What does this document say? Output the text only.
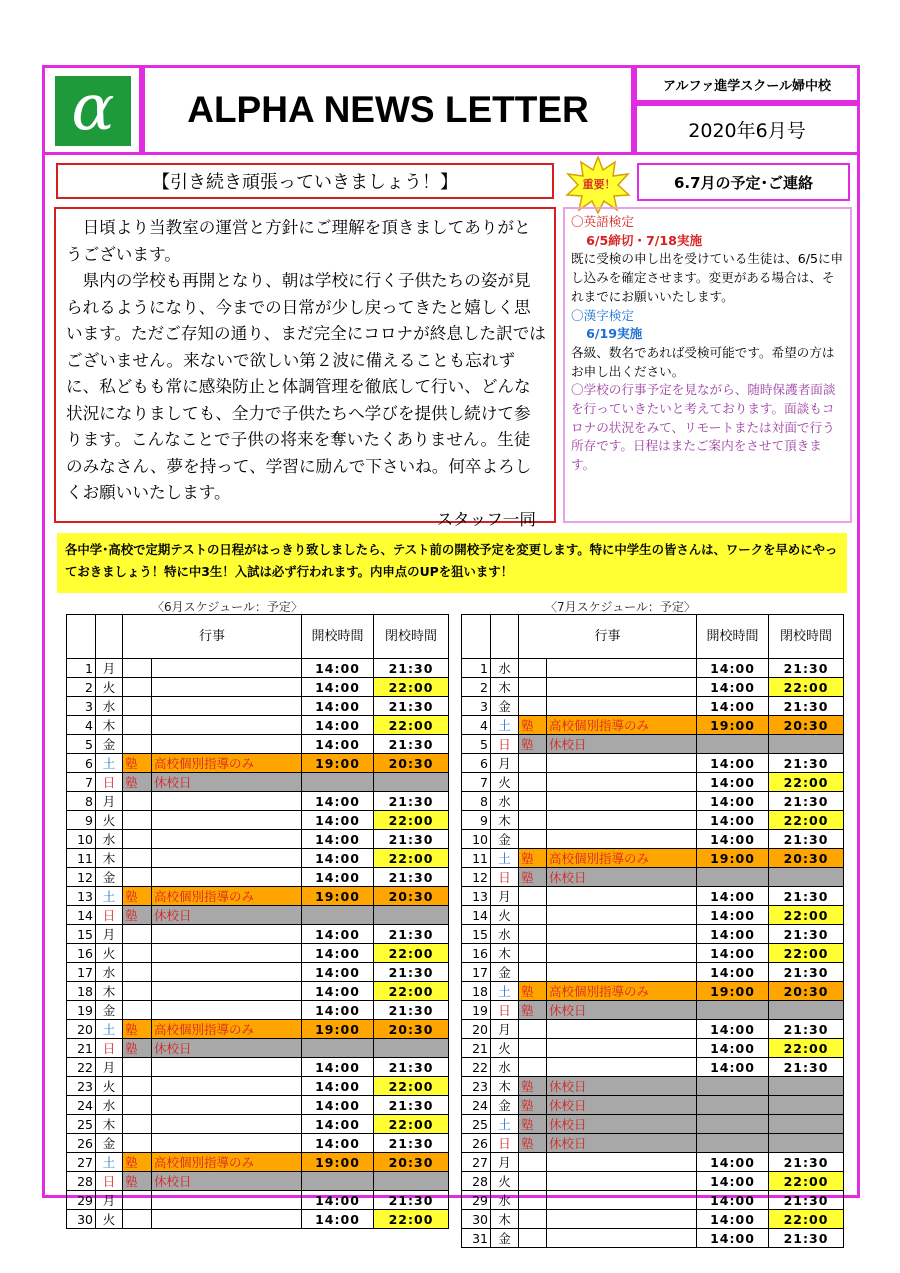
α	ALPHA NEWS LETTER
アルファ進学スクール婦中校
2020年6月号
【引き続き頑張っていきましょう！】

日頃より当教室の運営と方針にご理解を頂きましてありがとうございます。

県内の学校も再開となり、朝は学校に行く子供たちの姿が見られるようになり、今までの日常が少し戻ってきたと嬉しく思います。ただご存知の通り、まだ完全にコロナが終息した訳ではございません。来ないで欲しい第２波に備えることも忘れずに、私どもも常に感染防止と体調管理を徹底して行い、どんな状況になりましても、全力で子供たちへ学びを提供し続けて参ります。こんなことで子供の将来を奪いたくありません。生徒のみなさん、夢を持って、学習に励んで下さいね。何卒よろしくお願いいたします。

スタッフ一同

重要！	6.7月の予定･ご連絡
〇英語検定
6/5締切・7/18実施
既に受検の申し出を受けている生徒は、6/5に申し込みを確定させます。変更がある場合は、それまでにお願いいたします。
〇漢字検定
6/19実施
各級、数名であれば受検可能です。希望の方はお申し出ください。
〇学校の行事予定を見ながら、随時保護者面談を行っていきたいと考えております。面談もコロナの状況をみて、リモートまたは対面で行う所存です。日程はまたご案内をさせて頂きます。
各中学･高校で定期テストの日程がはっきり致しましたら、テスト前の開校予定を変更します。特に中学生の皆さんは、ワークを早めにやっておきましょう！特に中3生！入試は必ず行われます。内申点のUPを狙います！
〈6月スケジュール：予定〉	〈7月スケジュール：予定〉
		行事		開校時間	閉校時間
1	月			14:00	21:30
2	火			14:00	22:00
3	水			14:00	21:30
4	木			14:00	22:00
5	金			14:00	21:30
6	土	塾	高校個別指導のみ	19:00	20:30
7	日	塾	休校日		
8	月			14:00	21:30
9	火			14:00	22:00
10	水			14:00	21:30
11	木			14:00	22:00
12	金			14:00	21:30
13	土	塾	高校個別指導のみ	19:00	20:30
14	日	塾	休校日		
15	月			14:00	21:30
16	火			14:00	22:00
17	水			14:00	21:30
18	木			14:00	22:00
19	金			14:00	21:30
20	土	塾	高校個別指導のみ	19:00	20:30
21	日	塾	休校日		
22	月			14:00	21:30
23	火			14:00	22:00
24	水			14:00	21:30
25	木			14:00	22:00
26	金			14:00	21:30
27	土	塾	高校個別指導のみ	19:00	20:30
28	日	塾	休校日		
29	月			14:00	21:30
30	火			14:00	22:00
		行事		開校時間	閉校時間
1	水			14:00	21:30
2	木			14:00	22:00
3	金			14:00	21:30
4	土	塾	高校個別指導のみ	19:00	20:30
5	日	塾	休校日		
6	月			14:00	21:30
7	火			14:00	22:00
8	水			14:00	21:30
9	木			14:00	22:00
10	金			14:00	21:30
11	土	塾	高校個別指導のみ	19:00	20:30
12	日	塾	休校日		
13	月			14:00	21:30
14	火			14:00	22:00
15	水			14:00	21:30
16	木			14:00	22:00
17	金			14:00	21:30
18	土	塾	高校個別指導のみ	19:00	20:30
19	日	塾	休校日		
20	月			14:00	21:30
21	火			14:00	22:00
22	水			14:00	21:30
23	木	塾	休校日		
24	金	塾	休校日		
25	土	塾	休校日		
26	日	塾	休校日		
27	月			14:00	21:30
28	火			14:00	22:00
29	水			14:00	21:30
30	木			14:00	22:00
31	金			14:00	21:30
